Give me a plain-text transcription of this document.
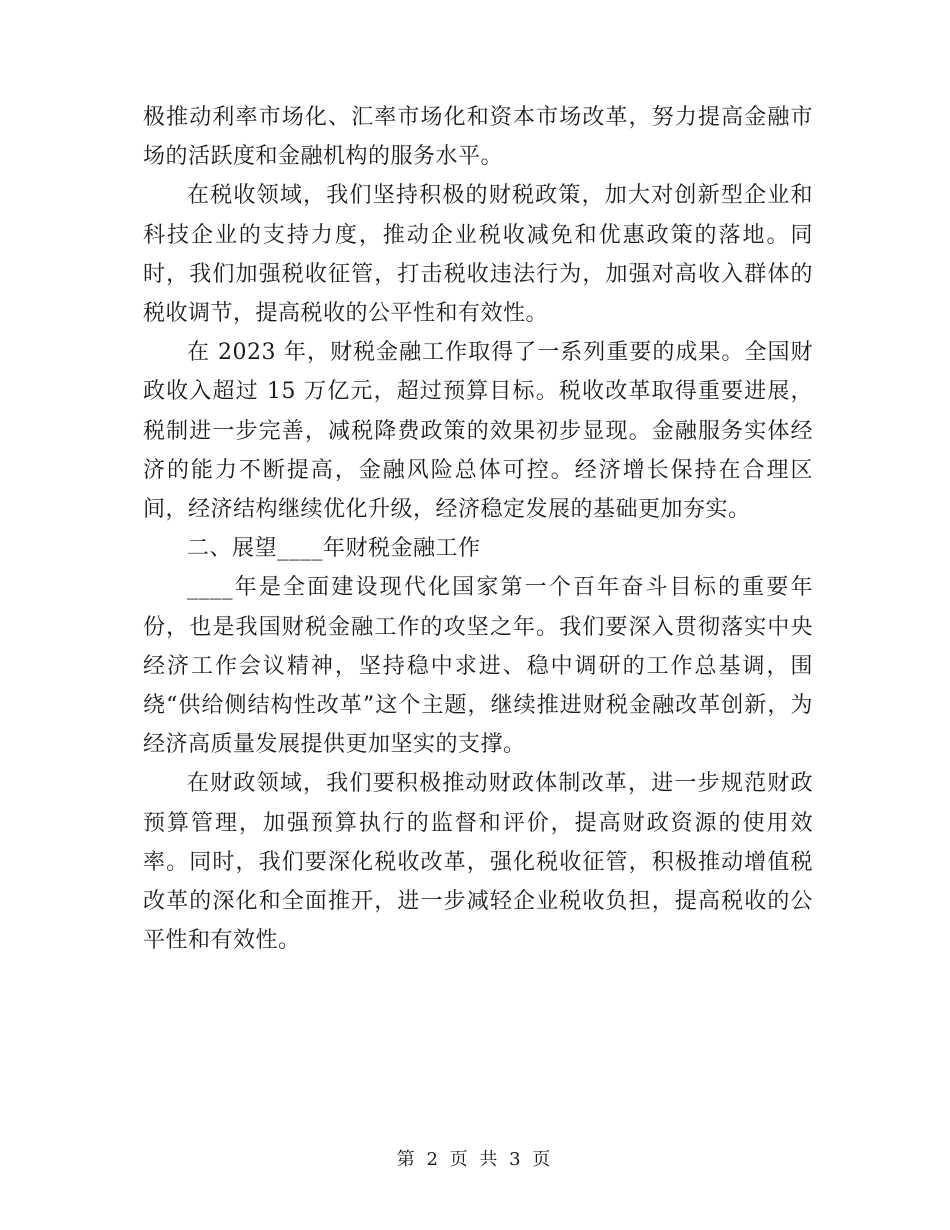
极推动利率市场化、汇率市场化和资本市场改革，努力提高金融市场的活跃度和金融机构的服务水平。

在税收领域，我们坚持积极的财税政策，加大对创新型企业和科技企业的支持力度，推动企业税收减免和优惠政策的落地。同时，我们加强税收征管，打击税收违法行为，加强对高收入群体的税收调节，提高税收的公平性和有效性。

在 2023 年，财税金融工作取得了一系列重要的成果。全国财政收入超过 15 万亿元，超过预算目标。税收改革取得重要进展，税制进一步完善，减税降费政策的效果初步显现。金融服务实体经济的能力不断提高，金融风险总体可控。经济增长保持在合理区间，经济结构继续优化升级，经济稳定发展的基础更加夯实。

二、展望____年财税金融工作

____年是全面建设现代化国家第一个百年奋斗目标的重要年份，也是我国财税金融工作的攻坚之年。我们要深入贯彻落实中央经济工作会议精神，坚持稳中求进、稳中调研的工作总基调，围绕“供给侧结构性改革”这个主题，继续推进财税金融改革创新，为经济高质量发展提供更加坚实的支撑。

在财政领域，我们要积极推动财政体制改革，进一步规范财政预算管理，加强预算执行的监督和评价，提高财政资源的使用效率。同时，我们要深化税收改革，强化税收征管，积极推动增值税改革的深化和全面推开，进一步减轻企业税收负担，提高税收的公平性和有效性。

第 2 页 共 3 页
